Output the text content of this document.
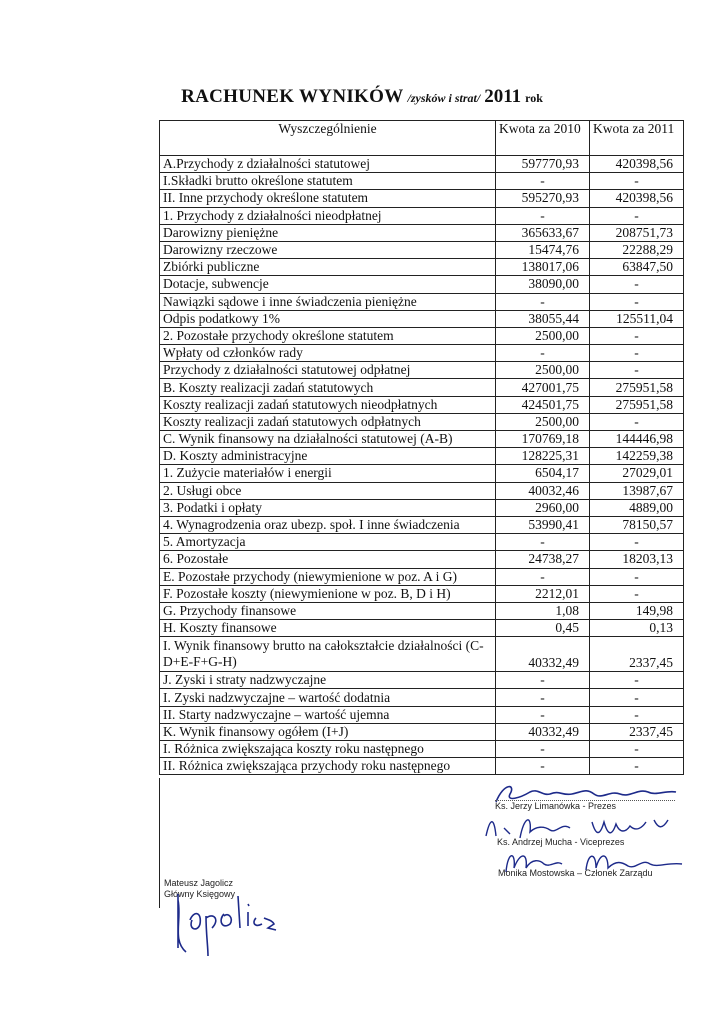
RACHUNEK WYNIKÓW /zysków i strat/ 2011 rok
Wyszczególnienie	Kwota za 2010	Kwota za 2011
A.Przychody z działalności statutowej	597770,93	420398,56
I.Składki brutto określone statutem	-	-
II. Inne przychody określone statutem	595270,93	420398,56
1. Przychody z działalności nieodpłatnej	-	-
Darowizny pieniężne	365633,67	208751,73
Darowizny rzeczowe	15474,76	22288,29
Zbiórki publiczne	138017,06	63847,50
Dotacje, subwencje	38090,00	-
Nawiązki sądowe i inne świadczenia pieniężne	-	-
Odpis podatkowy 1%	38055,44	125511,04
2. Pozostałe przychody określone statutem	2500,00	-
Wpłaty od członków rady	-	-
Przychody z działalności statutowej odpłatnej	2500,00	-
B. Koszty realizacji zadań statutowych	427001,75	275951,58
Koszty realizacji zadań statutowych nieodpłatnych	424501,75	275951,58
Koszty realizacji zadań statutowych odpłatnych	2500,00	-
C. Wynik finansowy na działalności statutowej (A-B)	170769,18	144446,98
D. Koszty administracyjne	128225,31	142259,38
1. Zużycie materiałów i energii	6504,17	27029,01
2. Usługi obce	40032,46	13987,67
3. Podatki i opłaty	2960,00	4889,00
4. Wynagrodzenia oraz ubezp. społ. I inne świadczenia	53990,41	78150,57
5. Amortyzacja	-	-
6. Pozostałe	24738,27	18203,13
E. Pozostałe przychody (niewymienione w poz. A i G)	-	-
F. Pozostałe koszty (niewymienione w poz. B, D i H)	2212,01	-
G. Przychody finansowe	1,08	149,98
H. Koszty finansowe	0,45	0,13
I. Wynik finansowy brutto na całokształcie działalności (C-D+E-F+G-H)	40332,49	2337,45
J. Zyski i straty nadzwyczajne	-	-
I. Zyski nadzwyczajne – wartość dodatnia	-	-
II. Starty nadzwyczajne – wartość ujemna	-	-
K. Wynik finansowy ogółem (I+J)	40332,49	2337,45
I. Różnica zwiększająca koszty roku następnego	-	-
II. Różnica zwiększająca przychody roku następnego	-	-
Ks. Jerzy Limanówka - Prezes
Ks. Andrzej Mucha - Viceprezes
Monika Mostowska – Członek Zarządu
Mateusz Jagolicz
Główny Księgowy
